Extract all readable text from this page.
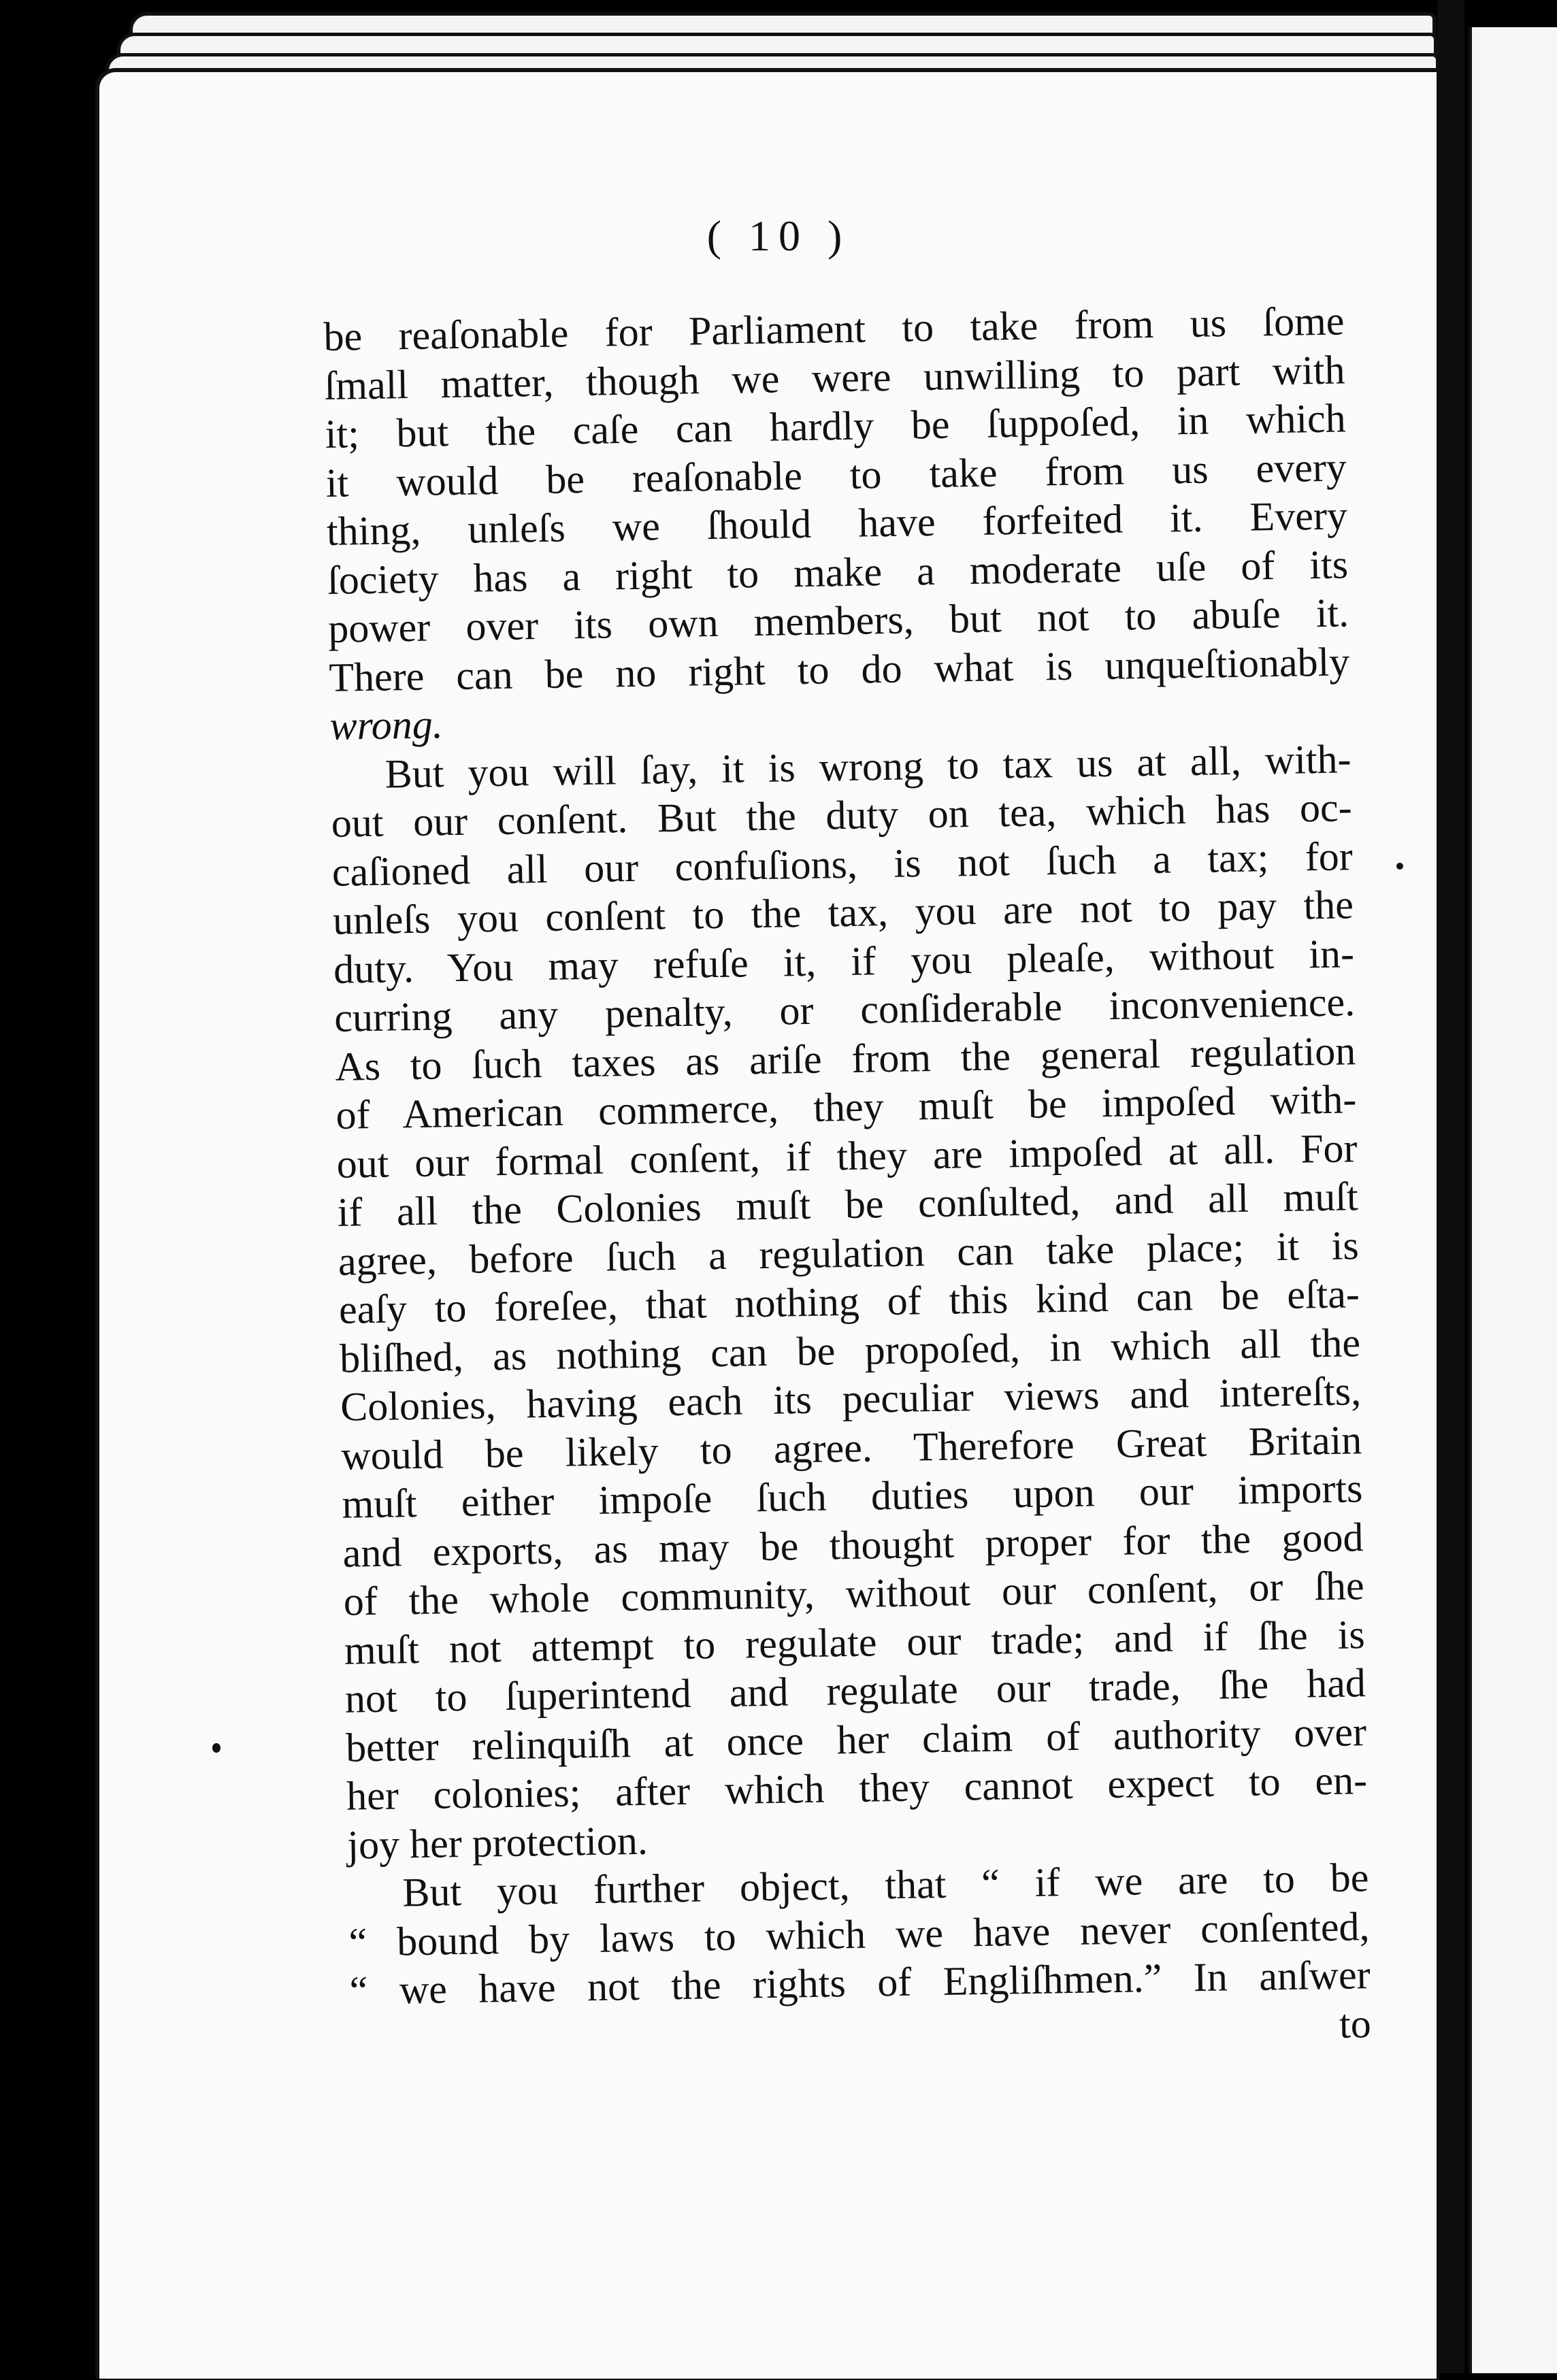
( 10 )
be reaſonable for Parliament to take from us ſome
ſmall matter, though we were unwilling to part with
it; but the caſe can hardly be ſuppoſed, in which
it would be reaſonable to take from us every
thing, unleſs we ſhould have forfeited it. Every
ſociety has a right to make a moderate uſe of its
power over its own members, but not to abuſe it.
There can be no right to do what is unqueſtionably
wrong.
But you will ſay, it is wrong to tax us at all, with-
out our conſent. But the duty on tea, which has oc-
caſioned all our confuſions, is not ſuch a tax; for
unleſs you conſent to the tax, you are not to pay the
duty. You may refuſe it, if you pleaſe, without in-
curring any penalty, or conſiderable inconvenience.
As to ſuch taxes as ariſe from the general regulation
of American commerce, they muſt be impoſed with-
out our formal conſent, if they are impoſed at all. For
if all the Colonies muſt be conſulted, and all muſt
agree, before ſuch a regulation can take place; it is
eaſy to foreſee, that nothing of this kind can be eſta-
bliſhed, as nothing can be propoſed, in which all the
Colonies, having each its peculiar views and intereſts,
would be likely to agree. Therefore Great Britain
muſt either impoſe ſuch duties upon our imports
and exports, as may be thought proper for the good
of the whole community, without our conſent, or ſhe
muſt not attempt to regulate our trade; and if ſhe is
not to ſuperintend and regulate our trade, ſhe had
better relinquiſh at once her claim of authority over
her colonies; after which they cannot expect to en-
joy her protection.
But you further object, that “ if we are to be
“ bound by laws to which we have never conſented,
“ we have not the rights of Engliſhmen.” In anſwer
to
